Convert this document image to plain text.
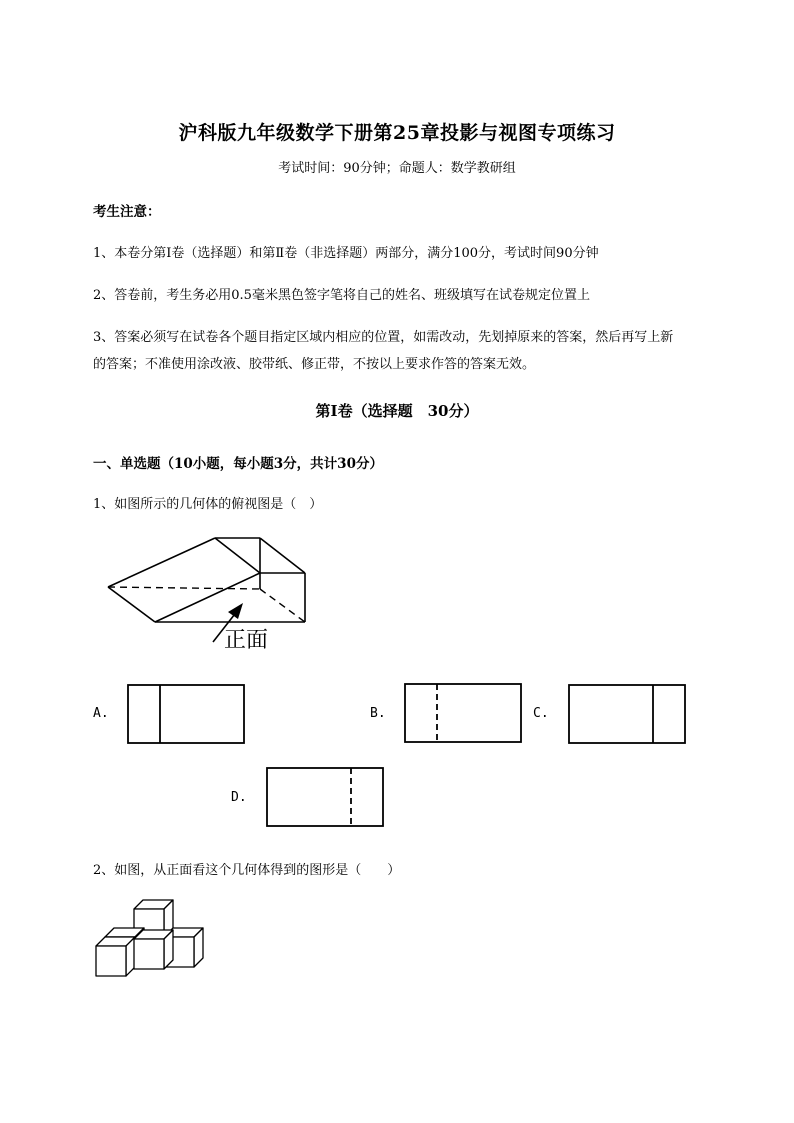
沪科版九年级数学下册第25章投影与视图专项练习
考试时间：90分钟；命题人：数学教研组
考生注意：
1、本卷分第I卷（选择题）和第Ⅱ卷（非选择题）两部分，满分100分，考试时间90分钟
2、答卷前，考生务必用0.5毫米黑色签字笔将自己的姓名、班级填写在试卷规定位置上
3、答案必须写在试卷各个题目指定区域内相应的位置，如需改动，先划掉原来的答案，然后再写上新
的答案；不准使用涂改液、胶带纸、修正带，不按以上要求作答的答案无效。
第I卷（选择题　30分）
一、单选题（10小题，每小题3分，共计30分）
1、如图所示的几何体的俯视图是（　）
正面
A.	B.	C.
D.
2、如图，从正面看这个几何体得到的图形是（　　）
